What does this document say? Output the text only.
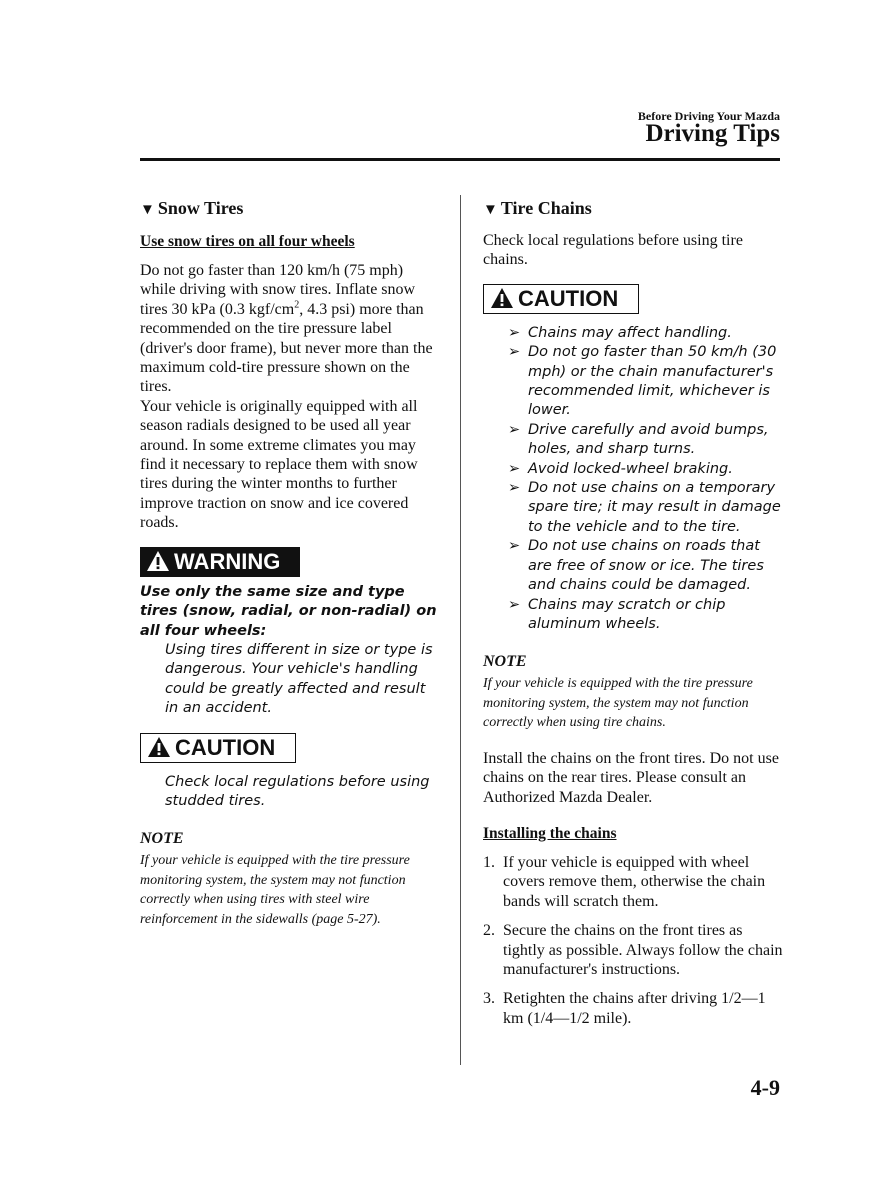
Before Driving Your Mazda
Driving Tips
▼ Snow Tires
Use snow tires on all four wheels

Do not go faster than 120 km/h (75 mph) while driving with snow tires. Inflate snow tires 30 kPa (0.3 kgf/$cm^2$, 4.3 psi) more than recommended on the tire pressure label (driver's door frame), but never more than the maximum cold-tire pressure shown on the tires.

Your vehicle is originally equipped with all season radials designed to be used all year around. In some extreme climates you may find it necessary to replace them with snow tires during the winter months to further improve traction on snow and ice covered roads.

WARNING

Use only the same size and type tires (snow, radial, or non-radial) on all four wheels:

Using tires different in size or type is dangerous. Your vehicle's handling could be greatly affected and result in an accident.

CAUTION

Check local regulations before using studded tires.

NOTE

If your vehicle is equipped with the tire pressure monitoring system, the system may not function correctly when using tires with steel wire reinforcement in the sidewalls (page 5-27).

▼ Tire Chains

Check local regulations before using tire chains.

CAUTION
➢ Chains may affect handling.
➢ Do not go faster than 50 km/h (30 mph) or the chain manufacturer's recommended limit, whichever is lower.
➢ Drive carefully and avoid bumps, holes, and sharp turns.
➢ Avoid locked-wheel braking.
➢ Do not use chains on a temporary spare tire; it may result in damage to the vehicle and to the tire.
➢ Do not use chains on roads that are free of snow or ice. The tires and chains could be damaged.
➢ Chains may scratch or chip aluminum wheels.
NOTE

If your vehicle is equipped with the tire pressure monitoring system, the system may not function correctly when using tire chains.

Install the chains on the front tires. Do not use chains on the rear tires. Please consult an Authorized Mazda Dealer.

Installing the chains
1. If your vehicle is equipped with wheel covers remove them, otherwise the chain bands will scratch them.
2. Secure the chains on the front tires as tightly as possible. Always follow the chain manufacturer's instructions.
3. Retighten the chains after driving 1/2—1 km (1/4—1/2 mile).
4-9
